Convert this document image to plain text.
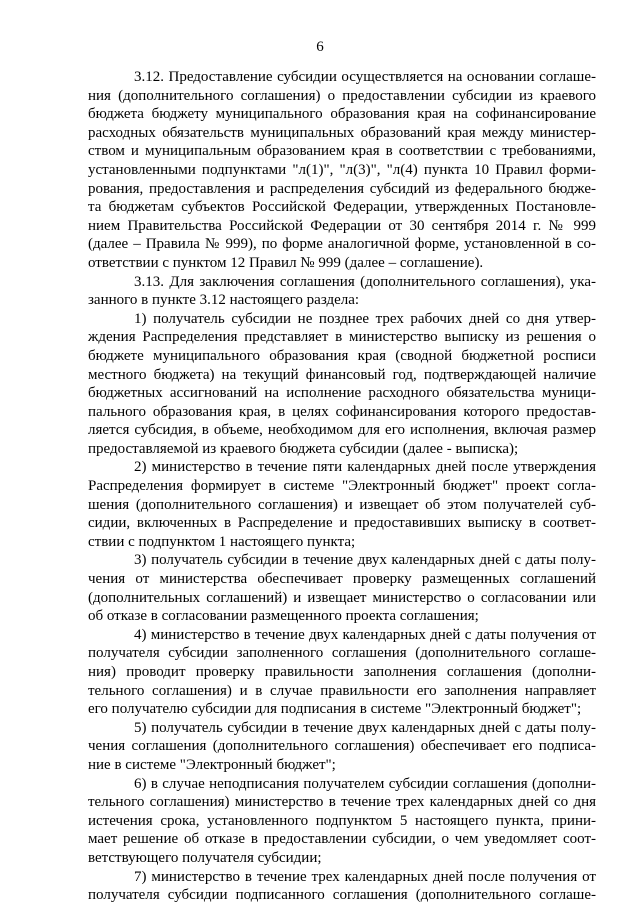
6
3.12. Предоставление субсидии осуществляется на основании соглаше-
ния (дополнительного соглашения) о предоставлении субсидии из краевого
бюджета бюджету муниципального образования края на софинансирование
расходных обязательств муниципальных образований края между министер-
ством и муниципальным образованием края в соответствии с требованиями,
установленными подпунктами "л(1)", "л(3)", "л(4) пункта 10 Правил форми-
рования, предоставления и распределения субсидий из федерального бюдже-
та бюджетам субъектов Российской Федерации, утвержденных Постановле-
нием Правительства Российской Федерации от 30 сентября 2014 г. № 999
(далее – Правила № 999), по форме аналогичной форме, установленной в со-
ответствии с пунктом 12 Правил № 999 (далее – соглашение).
3.13. Для заключения соглашения (дополнительного соглашения), ука-
занного в пункте 3.12 настоящего раздела:
1) получатель субсидии не позднее трех рабочих дней со дня утвер-
ждения Распределения представляет в министерство выписку из решения о
бюджете муниципального образования края (сводной бюджетной росписи
местного бюджета) на текущий финансовый год, подтверждающей наличие
бюджетных ассигнований на исполнение расходного обязательства муници-
пального образования края, в целях софинансирования которого предостав-
ляется субсидия, в объеме, необходимом для его исполнения, включая размер
предоставляемой из краевого бюджета субсидии (далее - выписка);
2) министерство в течение пяти календарных дней после утверждения
Распределения формирует в системе "Электронный бюджет" проект согла-
шения (дополнительного соглашения) и извещает об этом получателей суб-
сидии, включенных в Распределение и предоставивших выписку в соответ-
ствии с подпунктом 1 настоящего пункта;
3) получатель субсидии в течение двух календарных дней с даты полу-
чения от министерства обеспечивает проверку размещенных соглашений
(дополнительных соглашений) и извещает министерство о согласовании или
об отказе в согласовании размещенного проекта соглашения;
4) министерство в течение двух календарных дней с даты получения от
получателя субсидии заполненного соглашения (дополнительного соглаше-
ния) проводит проверку правильности заполнения соглашения (дополни-
тельного соглашения) и в случае правильности его заполнения направляет
его получателю субсидии для подписания в системе "Электронный бюджет";
5) получатель субсидии в течение двух календарных дней с даты полу-
чения соглашения (дополнительного соглашения) обеспечивает его подписа-
ние в системе "Электронный бюджет";
6) в случае неподписания получателем субсидии соглашения (дополни-
тельного соглашения) министерство в течение трех календарных дней со дня
истечения срока, установленного подпунктом 5 настоящего пункта, прини-
мает решение об отказе в предоставлении субсидии, о чем уведомляет соот-
ветствующего получателя субсидии;
7) министерство в течение трех календарных дней после получения от
получателя субсидии подписанного соглашения (дополнительного соглаше-
